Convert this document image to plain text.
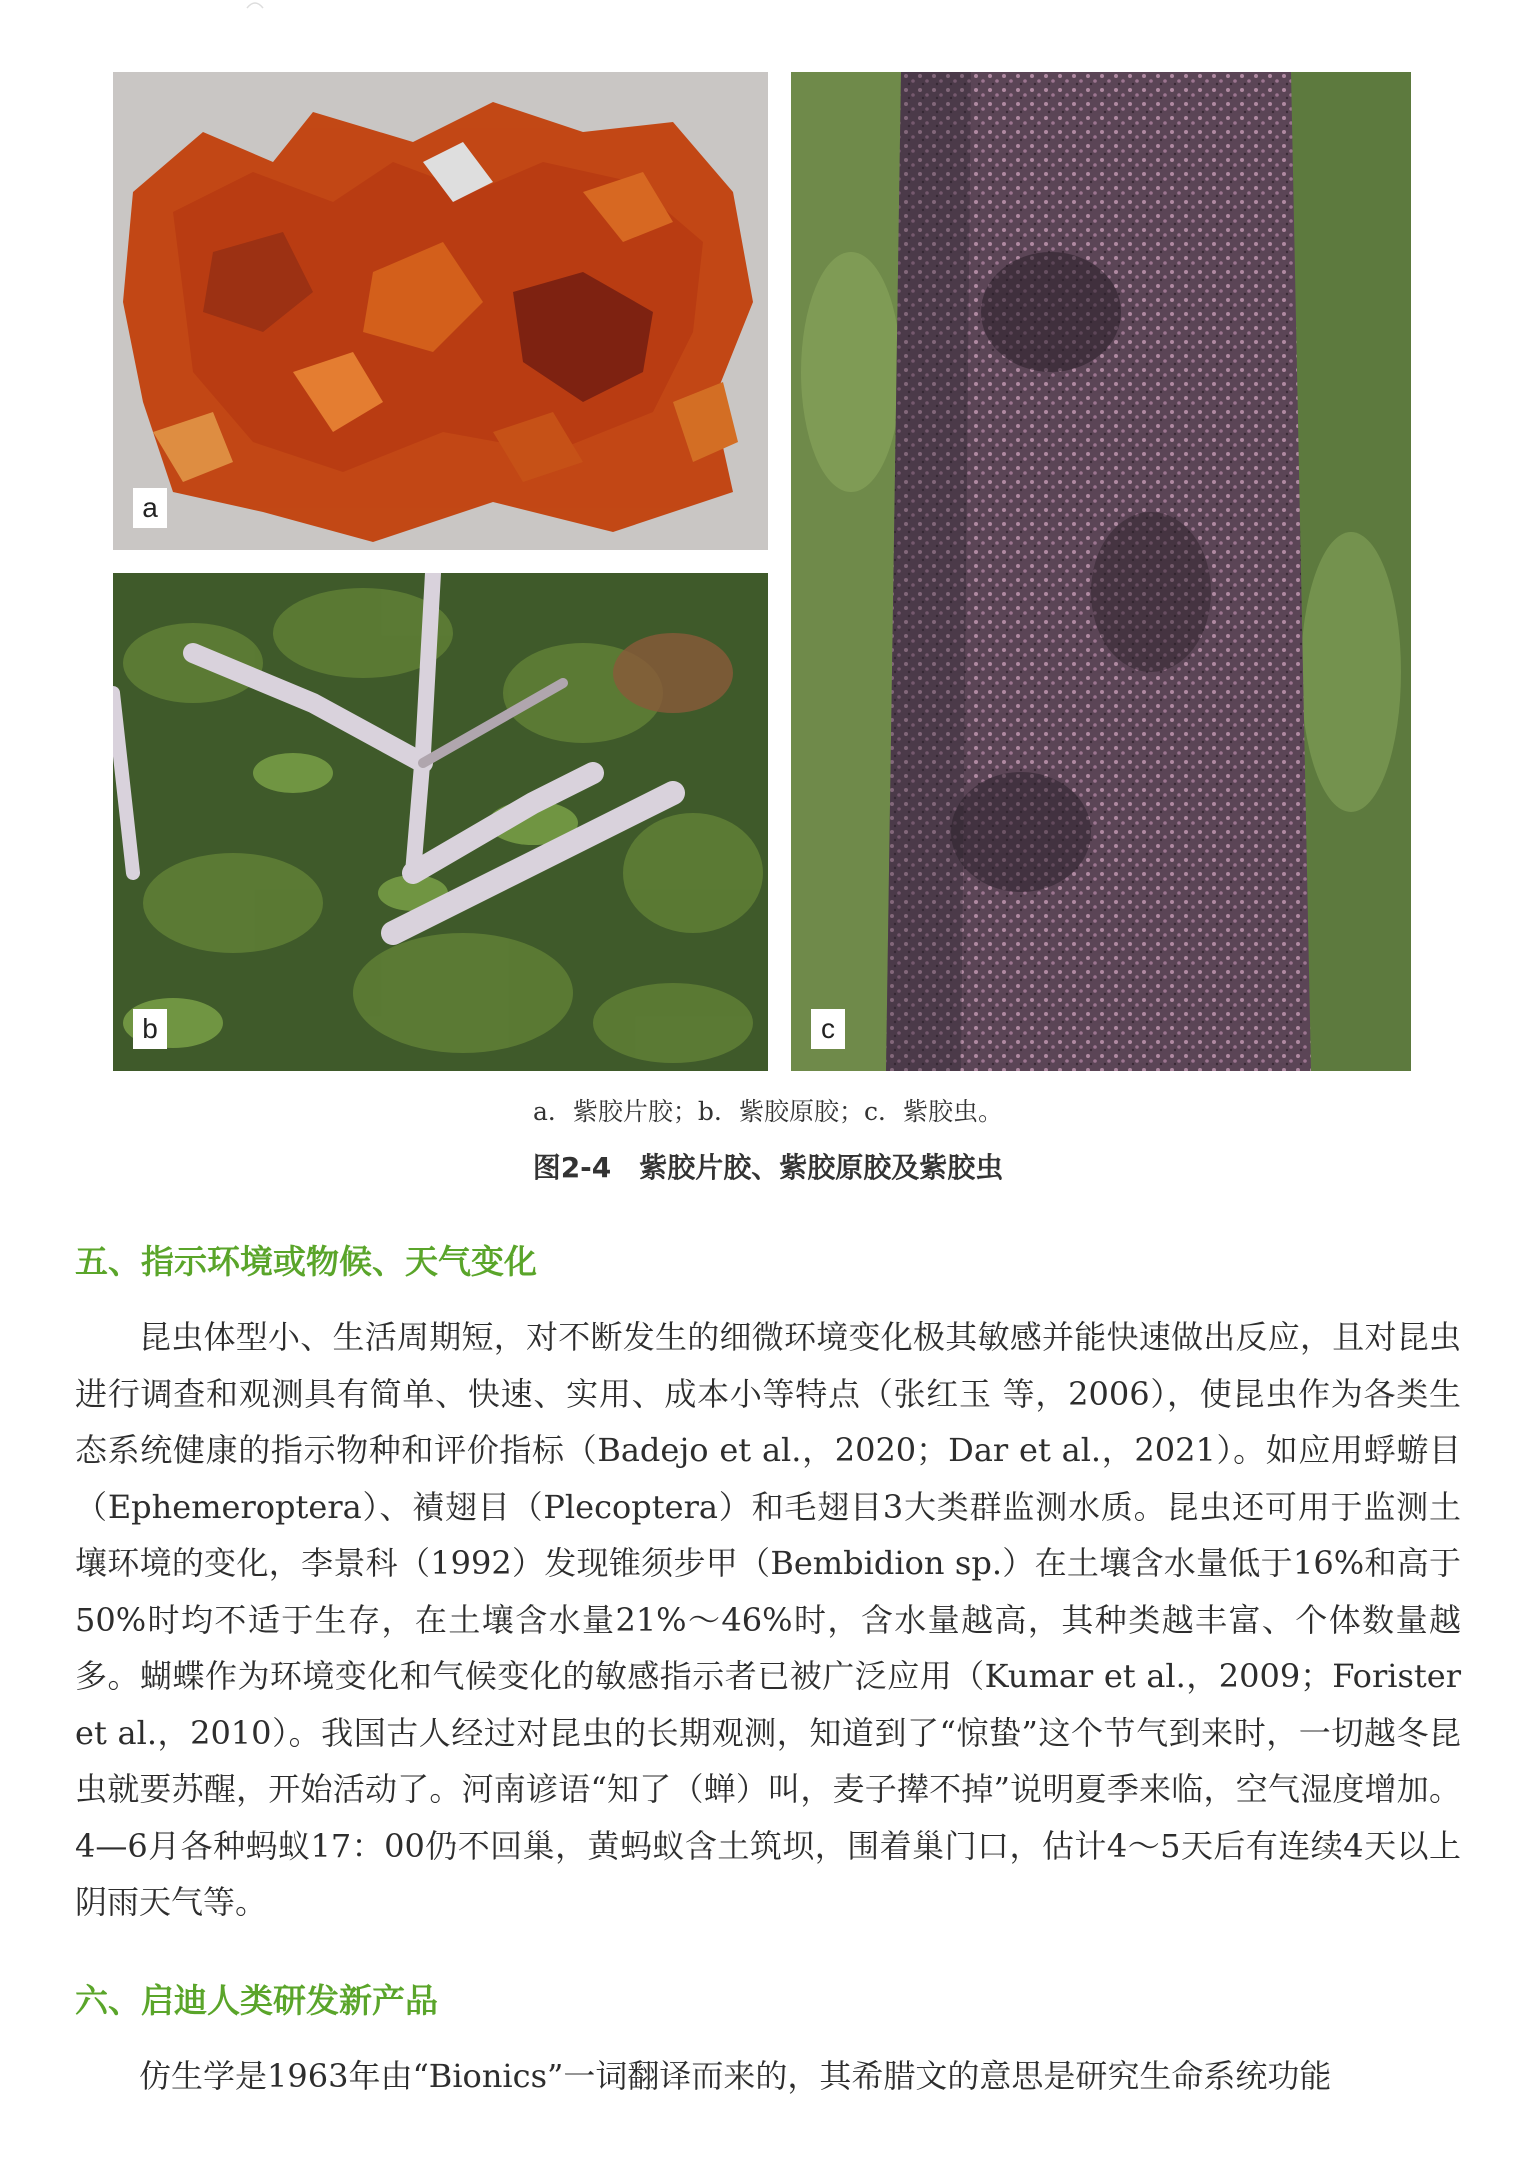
a
b	c
a．紫胶片胶；b．紫胶原胶；c．紫胶虫。
图2-4　紫胶片胶、紫胶原胶及紫胶虫
五、指示环境或物候、天气变化
昆虫体型小、生活周期短，对不断发生的细微环境变化极其敏感并能快速做出反应，且对昆虫进行调查和观测具有简单、快速、实用、成本小等特点（张红玉 等，2006），使昆虫作为各类生态系统健康的指示物种和评价指标（Badejo et al.，2020；Dar et al.，2021）。如应用蜉蝣目（Ephemeroptera）、襀翅目（Plecoptera）和毛翅目3大类群监测水质。昆虫还可用于监测土壤环境的变化，李景科（1992）发现锥须步甲（Bembidion sp.）在土壤含水量低于16%和高于50%时均不适于生存，在土壤含水量21%～46%时，含水量越高，其种类越丰富、个体数量越多。蝴蝶作为环境变化和气候变化的敏感指示者已被广泛应用（Kumar et al.，2009；Forister et al.，2010）。我国古人经过对昆虫的长期观测，知道到了“惊蛰”这个节气到来时，一切越冬昆虫就要苏醒，开始活动了。河南谚语“知了（蝉）叫，麦子撵不掉”说明夏季来临，空气湿度增加。4—6月各种蚂蚁17：00仍不回巢，黄蚂蚁含土筑坝，围着巢门口，估计4～5天后有连续4天以上阴雨天气等。
六、启迪人类研发新产品
仿生学是1963年由“Bionics”一词翻译而来的，其希腊文的意思是研究生命系统功能
